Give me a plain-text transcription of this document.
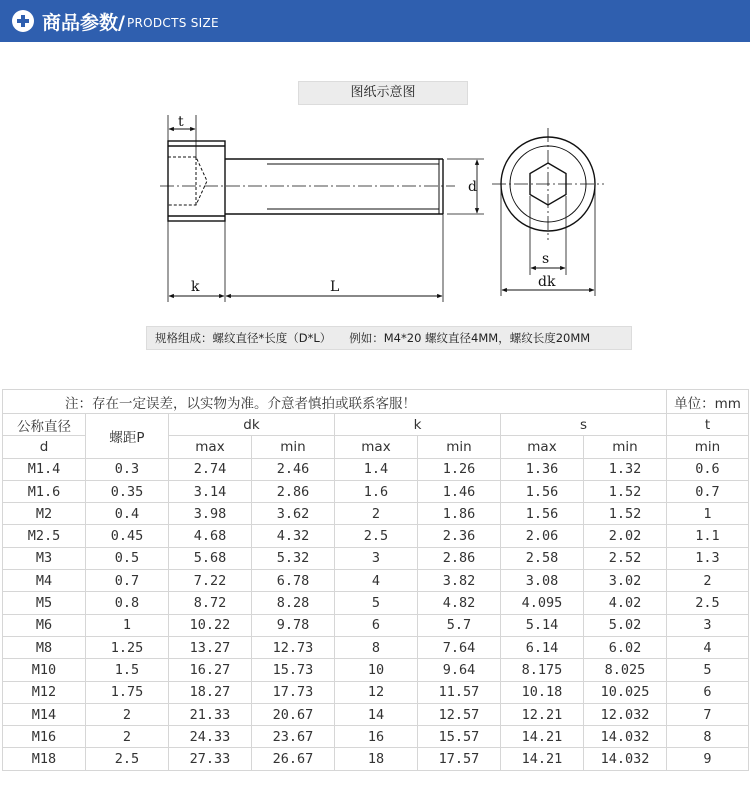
商品参数/ PRODCTS SIZE
图纸示意图
t
k	L
d
s
dk
规格组成：螺纹直径*长度（D*L） 例如：M4*20 螺纹直径4MM，螺纹长度20MM
注：存在一定误差，以实物为准。介意者慎拍或联系客服！								单位：mm
公称直径	螺距P	dk		k		s		t
d		max	min	max	min	max	min	min
M1.4	0.3	2.74	2.46	1.4	1.26	1.36	1.32	0.6
M1.6	0.35	3.14	2.86	1.6	1.46	1.56	1.52	0.7
M2	0.4	3.98	3.62	2	1.86	1.56	1.52	1
M2.5	0.45	4.68	4.32	2.5	2.36	2.06	2.02	1.1
M3	0.5	5.68	5.32	3	2.86	2.58	2.52	1.3
M4	0.7	7.22	6.78	4	3.82	3.08	3.02	2
M5	0.8	8.72	8.28	5	4.82	4.095	4.02	2.5
M6	1	10.22	9.78	6	5.7	5.14	5.02	3
M8	1.25	13.27	12.73	8	7.64	6.14	6.02	4
M10	1.5	16.27	15.73	10	9.64	8.175	8.025	5
M12	1.75	18.27	17.73	12	11.57	10.18	10.025	6
M14	2	21.33	20.67	14	12.57	12.21	12.032	7
M16	2	24.33	23.67	16	15.57	14.21	14.032	8
M18	2.5	27.33	26.67	18	17.57	14.21	14.032	9
